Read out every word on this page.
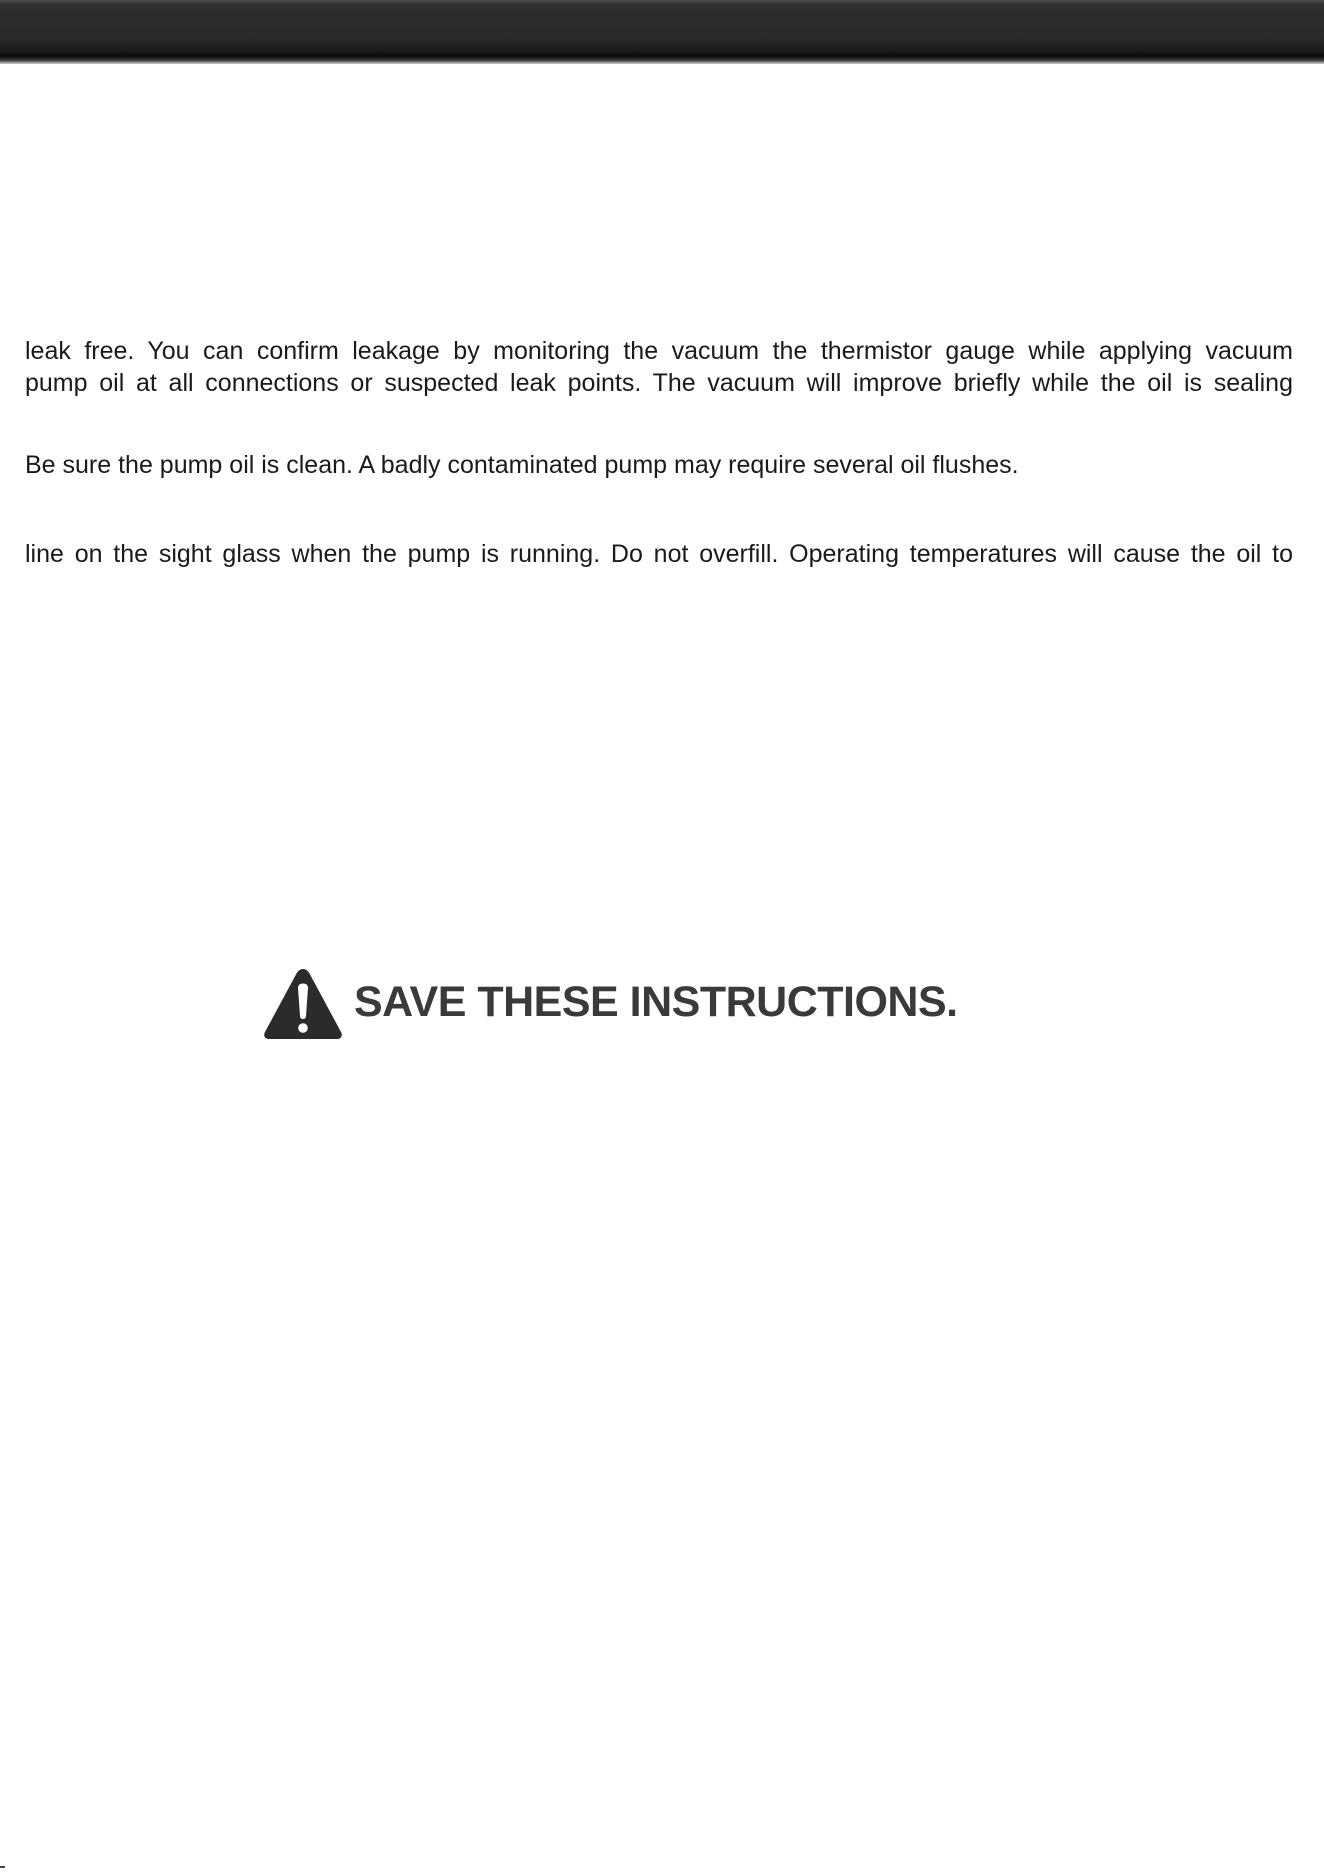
leak free. You can confirm leakage by monitoring the vacuum the thermistor gauge while applying vacuum
pump oil at all connections or suspected leak points. The vacuum will improve briefly while the oil is sealing
Be sure the pump oil is clean. A badly contaminated pump may require several oil flushes.
line on the sight glass when the pump is running. Do not overfill. Operating temperatures will cause the oil to
SAVE THESE INSTRUCTIONS.
